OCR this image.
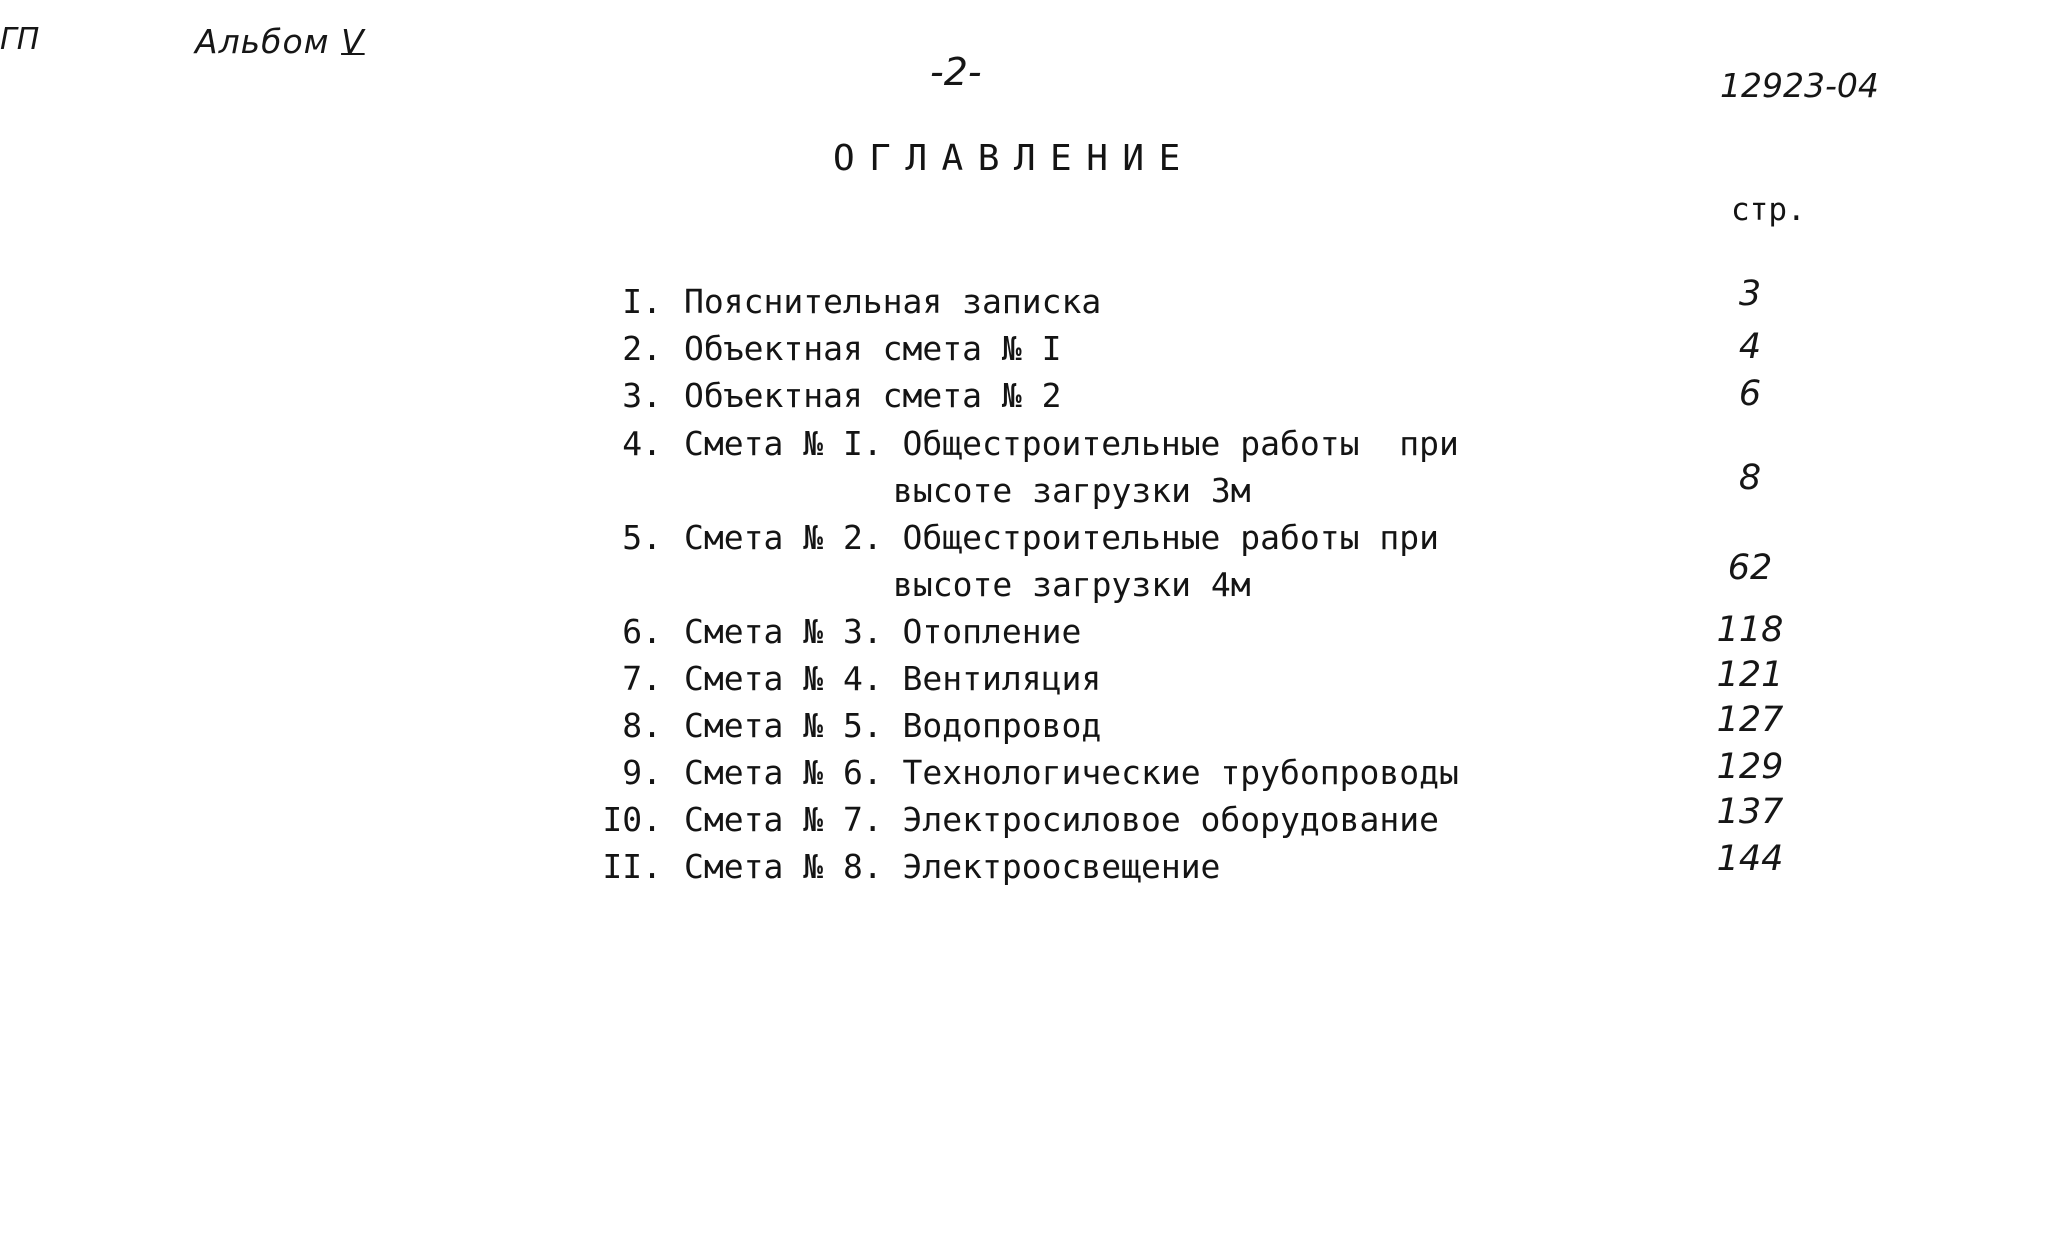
ГП	Альбом V
-2-	12923-04
ОГЛАВЛЕНИЕ
стр.
I. Пояснительная записка	3
2. Объектная смета № I	4
3. Объектная смета № 2	6
4. Смета № I. Общестроительные работы  при
высоте загрузки 3м	8
5. Смета № 2. Общестроительные работы при
высоте загрузки 4м	62
6. Смета № 3. Отопление	118
7. Смета № 4. Вентиляция	121
8. Смета № 5. Водопровод	127
9. Смета № 6. Технологические трубопроводы	129
I0. Смета № 7. Электросиловое оборудование	137
II. Смета № 8. Электроосвещение	144
